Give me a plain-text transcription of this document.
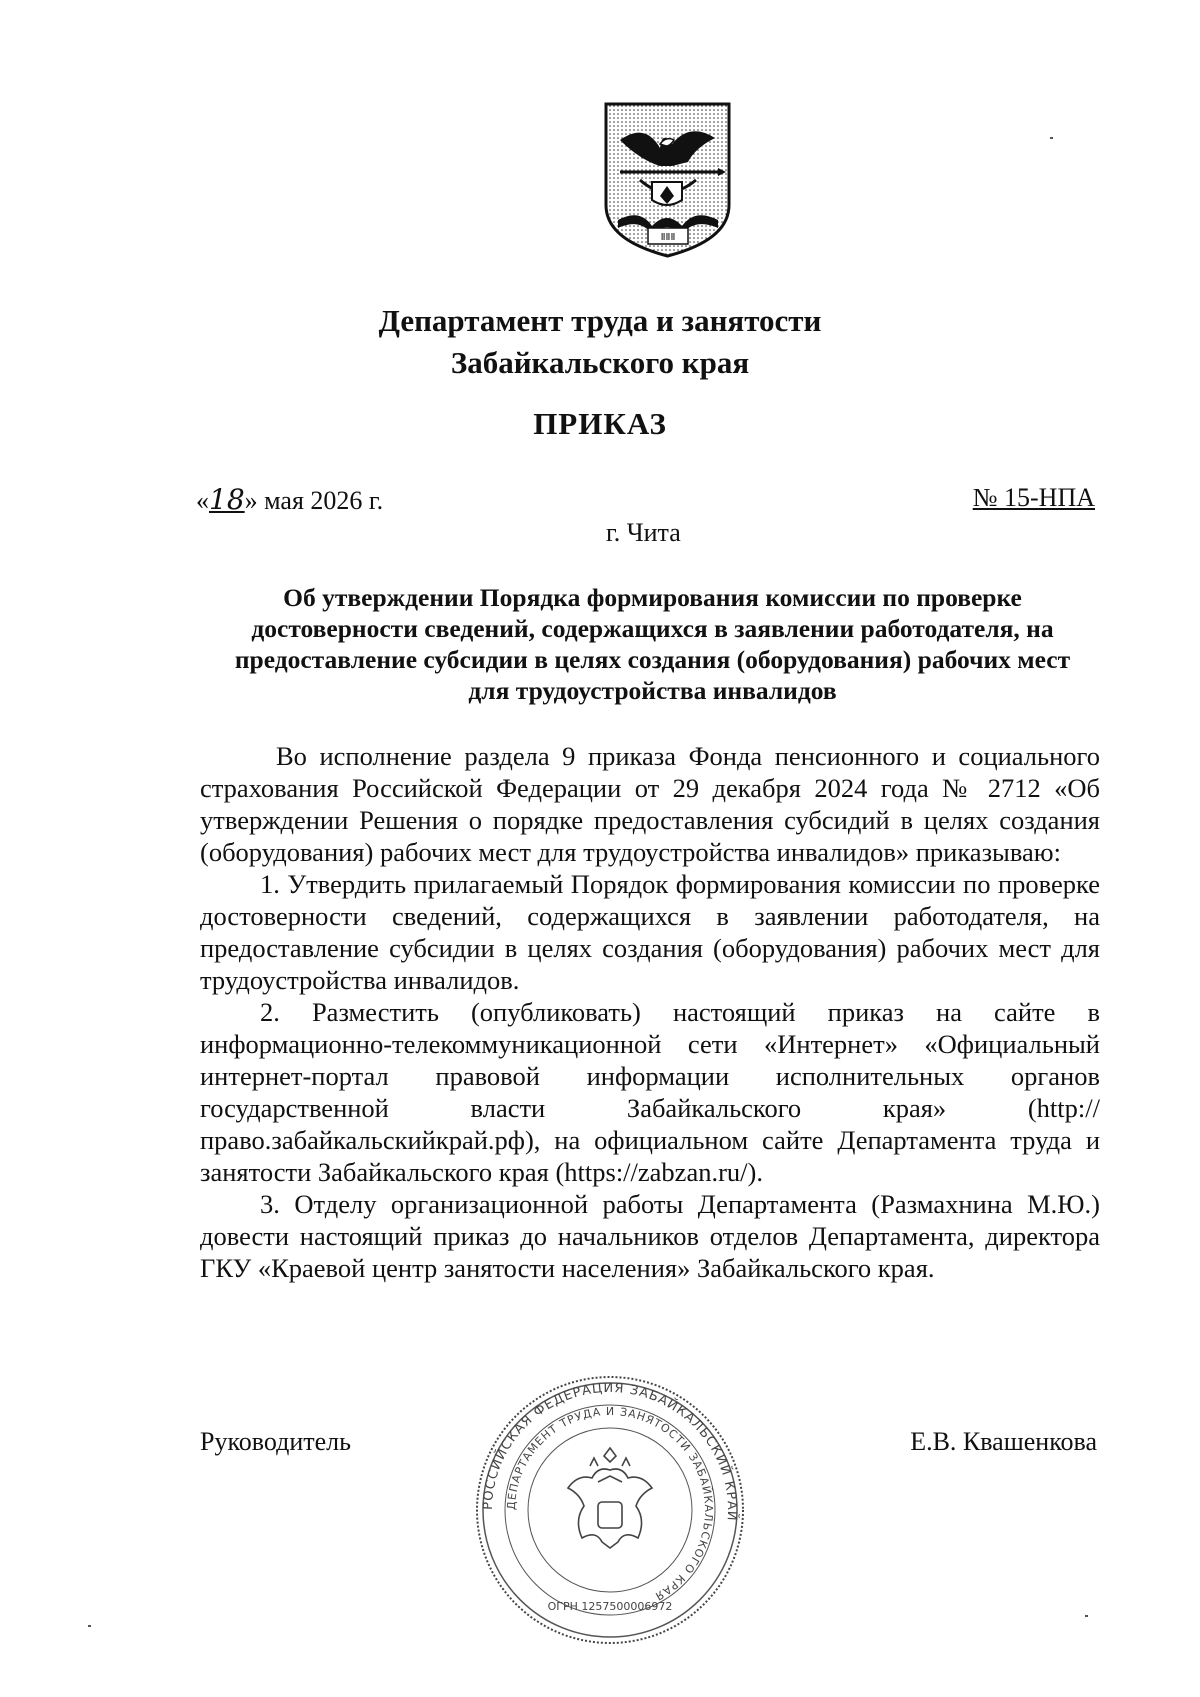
ⅡⅡⅡ
Департамент труда и занятости
Забайкальского края
ПРИКАЗ
«18» мая 2026 г.	№ 15-НПА
г. Чита
Об утверждении Порядка формирования комиссии по проверке
достоверности сведений, содержащихся в заявлении работодателя, на
предоставление субсидии в целях создания (оборудования) рабочих мест
для трудоустройства инвалидов

Во исполнение раздела 9 приказа Фонда пенсионного и социального страхования Российской Федерации от 29 декабря 2024 года № 2712 «Об утверждении Решения о порядке предоставления субсидий в целях создания (оборудования) рабочих мест для трудоустройства инвалидов» приказываю:

1. Утвердить прилагаемый Порядок формирования комиссии по проверке достоверности сведений, содержащихся в заявлении работодателя, на предоставление субсидии в целях создания (оборудования) рабочих мест для трудоустройства инвалидов.

2. Разместить (опубликовать) настоящий приказ на сайте в информационно-телекоммуникационной сети «Интернет» «Официальный интернет-портал правовой информации исполнительных органов государственной власти Забайкальского края» (http://право.забайкальскийкрай.рф), на официальном сайте Департамента труда и занятости Забайкальского края (https://zabzan.ru/).

3. Отделу организационной работы Департамента (Размахнина М.Ю.) довести настоящий приказ до начальников отделов Департамента, директора ГКУ «Краевой центр занятости населения» Забайкальского края.

РОССИЙСКАЯ ФЕДЕРАЦИЯ ЗАБАЙКАЛЬСКИЙ КРАЙ
ДЕПАРТАМЕНТ ТРУДА И ЗАНЯТОСТИ ЗАБАЙКАЛЬСКОГО КРАЯ
ОГРН 1257500006972
Руководитель	Е.В. Квашенкова
